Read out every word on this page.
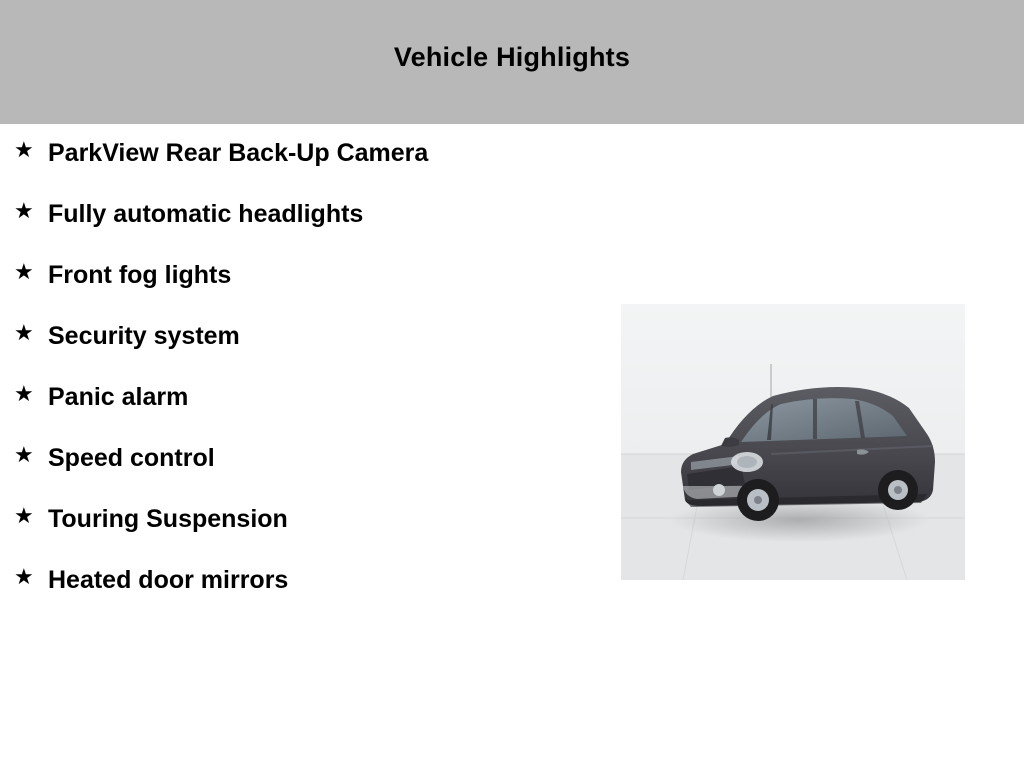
Vehicle Highlights
★ ParkView Rear Back-Up Camera
★ Fully automatic headlights
★ Front fog lights
★ Security system
★ Panic alarm
★ Speed control
★ Touring Suspension
★ Heated door mirrors
